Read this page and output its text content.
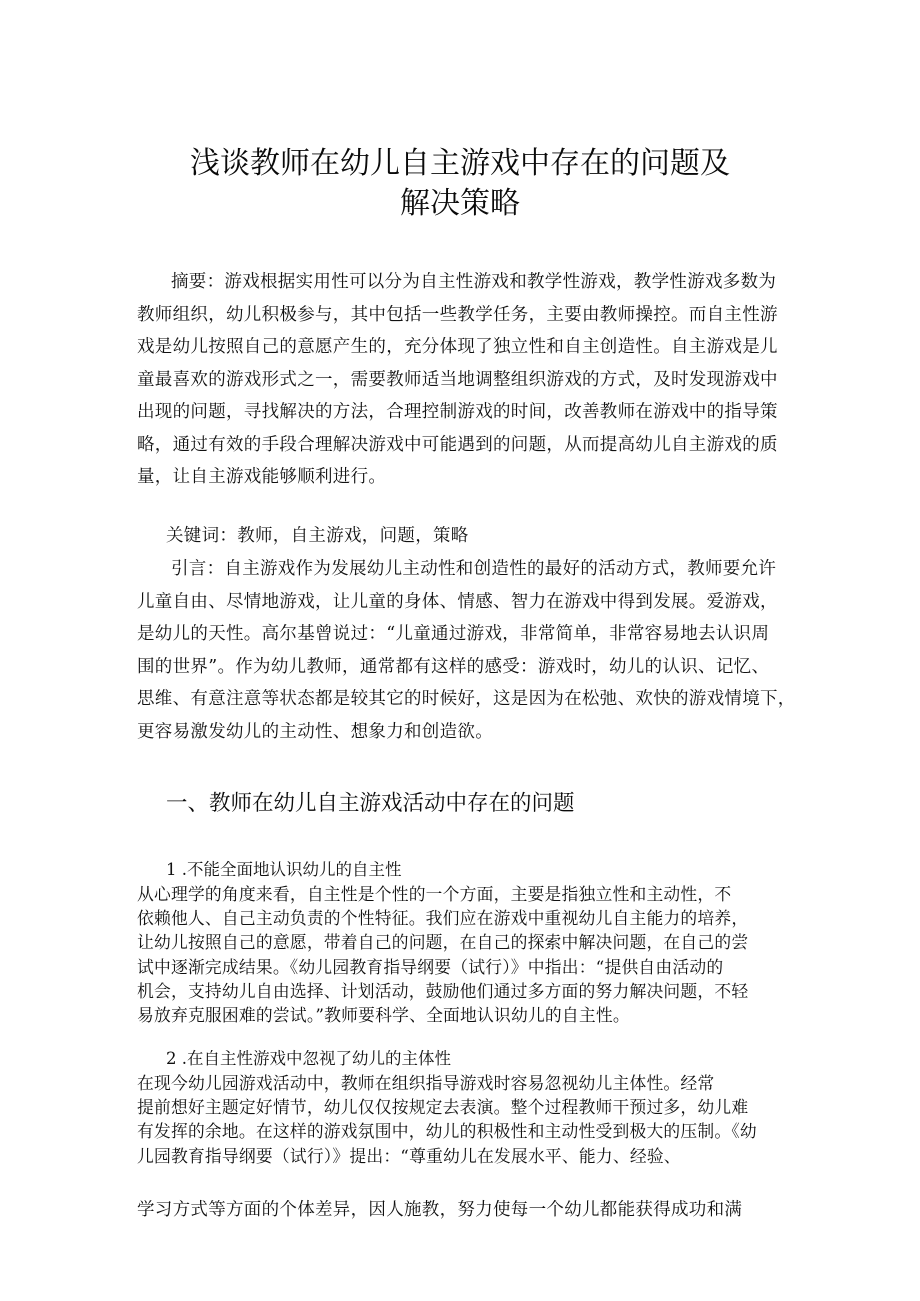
浅谈教师在幼儿自主游戏中存在的问题及
解决策略

摘要：游戏根据实用性可以分为自主性游戏和教学性游戏，教学性游戏多数为
教师组织，幼儿积极参与，其中包括一些教学任务，主要由教师操控。而自主性游
戏是幼儿按照自己的意愿产生的，充分体现了独立性和自主创造性。自主游戏是儿
童最喜欢的游戏形式之一，需要教师适当地调整组织游戏的方式，及时发现游戏中
出现的问题，寻找解决的方法，合理控制游戏的时间，改善教师在游戏中的指导策
略，通过有效的手段合理解决游戏中可能遇到的问题，从而提高幼儿自主游戏的质
量，让自主游戏能够顺利进行。

关键词：教师，自主游戏，问题，策略

引言：自主游戏作为发展幼儿主动性和创造性的最好的活动方式，教师要允许
儿童自由、尽情地游戏，让儿童的身体、情感、智力在游戏中得到发展。爱游戏，
是幼儿的天性。高尔基曾说过：“儿童通过游戏，非常简单，非常容易地去认识周
围的世界”。作为幼儿教师，通常都有这样的感受：游戏时，幼儿的认识、记忆、
思维、有意注意等状态都是较其它的时候好，这是因为在松弛、欢快的游戏情境下，
更容易激发幼儿的主动性、想象力和创造欲。

一、教师在幼儿自主游戏活动中存在的问题

1 .不能全面地认识幼儿的自主性

从心理学的角度来看，自主性是个性的一个方面，主要是指独立性和主动性，不
依赖他人、自己主动负责的个性特征。我们应在游戏中重视幼儿自主能力的培养，
让幼儿按照自己的意愿，带着自己的问题，在自己的探索中解决问题，在自己的尝
试中逐渐完成结果。《幼儿园教育指导纲要（试行）》中指出：“提供自由活动的
机会，支持幼儿自由选择、计划活动，鼓励他们通过多方面的努力解决问题，不轻
易放弃克服困难的尝试。”教师要科学、全面地认识幼儿的自主性。

2 .在自主性游戏中忽视了幼儿的主体性

在现今幼儿园游戏活动中，教师在组织指导游戏时容易忽视幼儿主体性。经常
提前想好主题定好情节，幼儿仅仅按规定去表演。整个过程教师干预过多，幼儿难
有发挥的余地。在这样的游戏氛围中，幼儿的积极性和主动性受到极大的压制。《幼
儿园教育指导纲要（试行）》提出：“尊重幼儿在发展水平、能力、经验、

学习方式等方面的个体差异，因人施教，努力使每一个幼儿都能获得成功和满
